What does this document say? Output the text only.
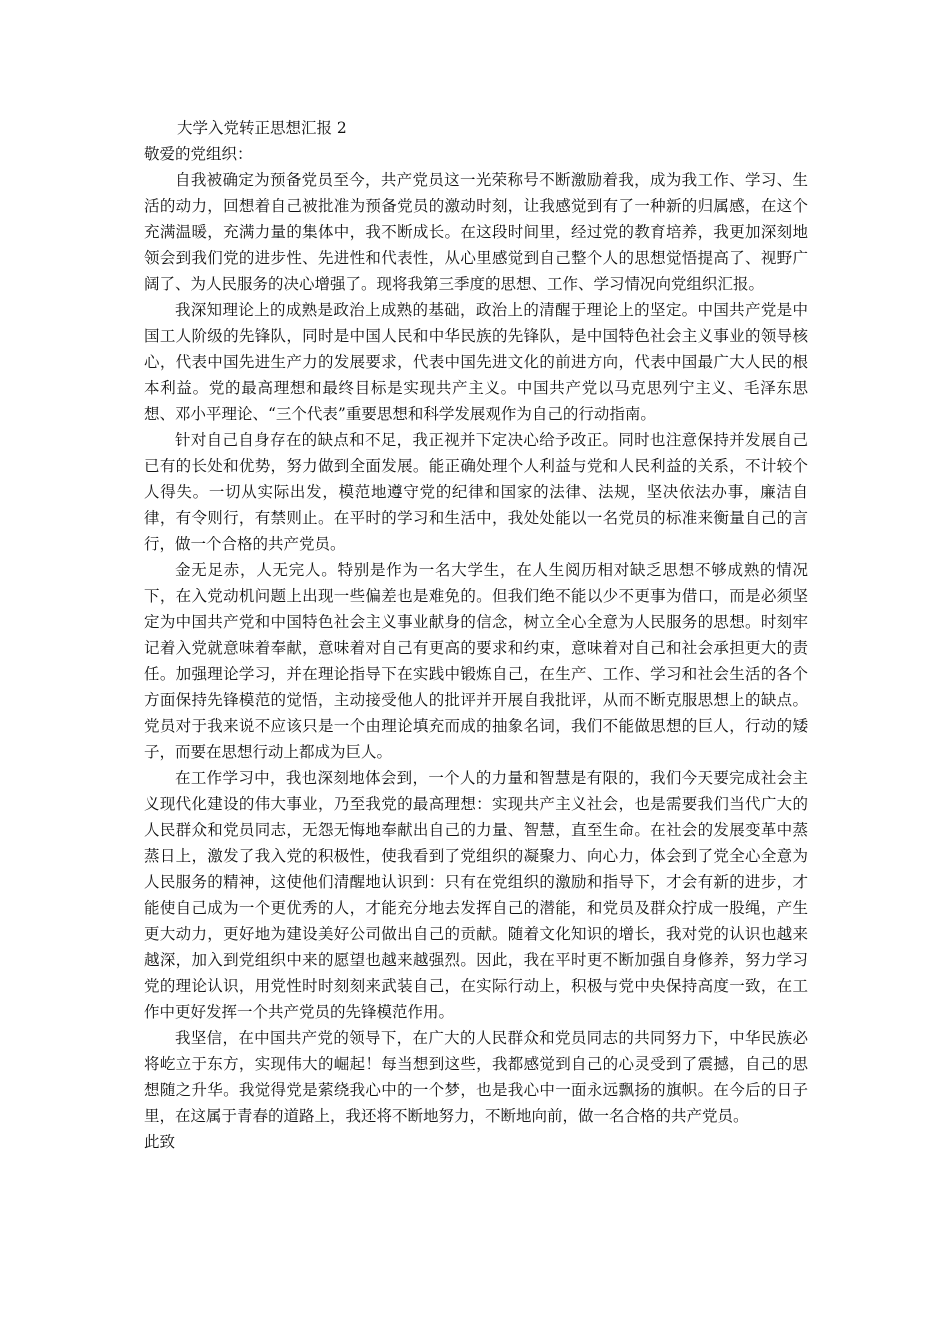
大学入党转正思想汇报 2

敬爱的党组织：

自我被确定为预备党员至今，共产党员这一光荣称号不断激励着我，成为我工作、学习、生活的动力，回想着自己被批准为预备党员的激动时刻，让我感觉到有了一种新的归属感，在这个充满温暖，充满力量的集体中，我不断成长。在这段时间里，经过党的教育培养，我更加深刻地领会到我们党的进步性、先进性和代表性，从心里感觉到自己整个人的思想觉悟提高了、视野广阔了、为人民服务的决心增强了。现将我第三季度的思想、工作、学习情况向党组织汇报。

我深知理论上的成熟是政治上成熟的基础，政治上的清醒于理论上的坚定。中国共产党是中国工人阶级的先锋队，同时是中国人民和中华民族的先锋队，是中国特色社会主义事业的领导核心，代表中国先进生产力的发展要求，代表中国先进文化的前进方向，代表中国最广大人民的根本利益。党的最高理想和最终目标是实现共产主义。中国共产党以马克思列宁主义、毛泽东思想、邓小平理论、“三个代表”重要思想和科学发展观作为自己的行动指南。

针对自己自身存在的缺点和不足，我正视并下定决心给予改正。同时也注意保持并发展自己已有的长处和优势，努力做到全面发展。能正确处理个人利益与党和人民利益的关系，不计较个人得失。一切从实际出发，模范地遵守党的纪律和国家的法律、法规，坚决依法办事，廉洁自律，有令则行，有禁则止。在平时的学习和生活中，我处处能以一名党员的标准来衡量自己的言行，做一个合格的共产党员。

金无足赤，人无完人。特别是作为一名大学生，在人生阅历相对缺乏思想不够成熟的情况下，在入党动机问题上出现一些偏差也是难免的。但我们绝不能以少不更事为借口，而是必须坚定为中国共产党和中国特色社会主义事业献身的信念，树立全心全意为人民服务的思想。时刻牢记着入党就意味着奉献，意味着对自己有更高的要求和约束，意味着对自己和社会承担更大的责任。加强理论学习，并在理论指导下在实践中锻炼自己，在生产、工作、学习和社会生活的各个方面保持先锋模范的觉悟，主动接受他人的批评并开展自我批评，从而不断克服思想上的缺点。党员对于我来说不应该只是一个由理论填充而成的抽象名词，我们不能做思想的巨人，行动的矮子，而要在思想行动上都成为巨人。

在工作学习中，我也深刻地体会到，一个人的力量和智慧是有限的，我们今天要完成社会主义现代化建设的伟大事业，乃至我党的最高理想：实现共产主义社会，也是需要我们当代广大的人民群众和党员同志，无怨无悔地奉献出自己的力量、智慧，直至生命。在社会的发展变革中蒸蒸日上，激发了我入党的积极性，使我看到了党组织的凝聚力、向心力，体会到了党全心全意为人民服务的精神，这使他们清醒地认识到：只有在党组织的激励和指导下，才会有新的进步，才能使自己成为一个更优秀的人，才能充分地去发挥自己的潜能，和党员及群众拧成一股绳，产生更大动力，更好地为建设美好公司做出自己的贡献。随着文化知识的增长，我对党的认识也越来越深，加入到党组织中来的愿望也越来越强烈。因此，我在平时更不断加强自身修养，努力学习党的理论认识，用党性时时刻刻来武装自己，在实际行动上，积极与党中央保持高度一致，在工作中更好发挥一个共产党员的先锋模范作用。

我坚信，在中国共产党的领导下，在广大的人民群众和党员同志的共同努力下，中华民族必将屹立于东方，实现伟大的崛起！每当想到这些，我都感觉到自己的心灵受到了震撼，自己的思想随之升华。我觉得党是萦绕我心中的一个梦，也是我心中一面永远飘扬的旗帜。在今后的日子里，在这属于青春的道路上，我还将不断地努力，不断地向前，做一名合格的共产党员。

此致
